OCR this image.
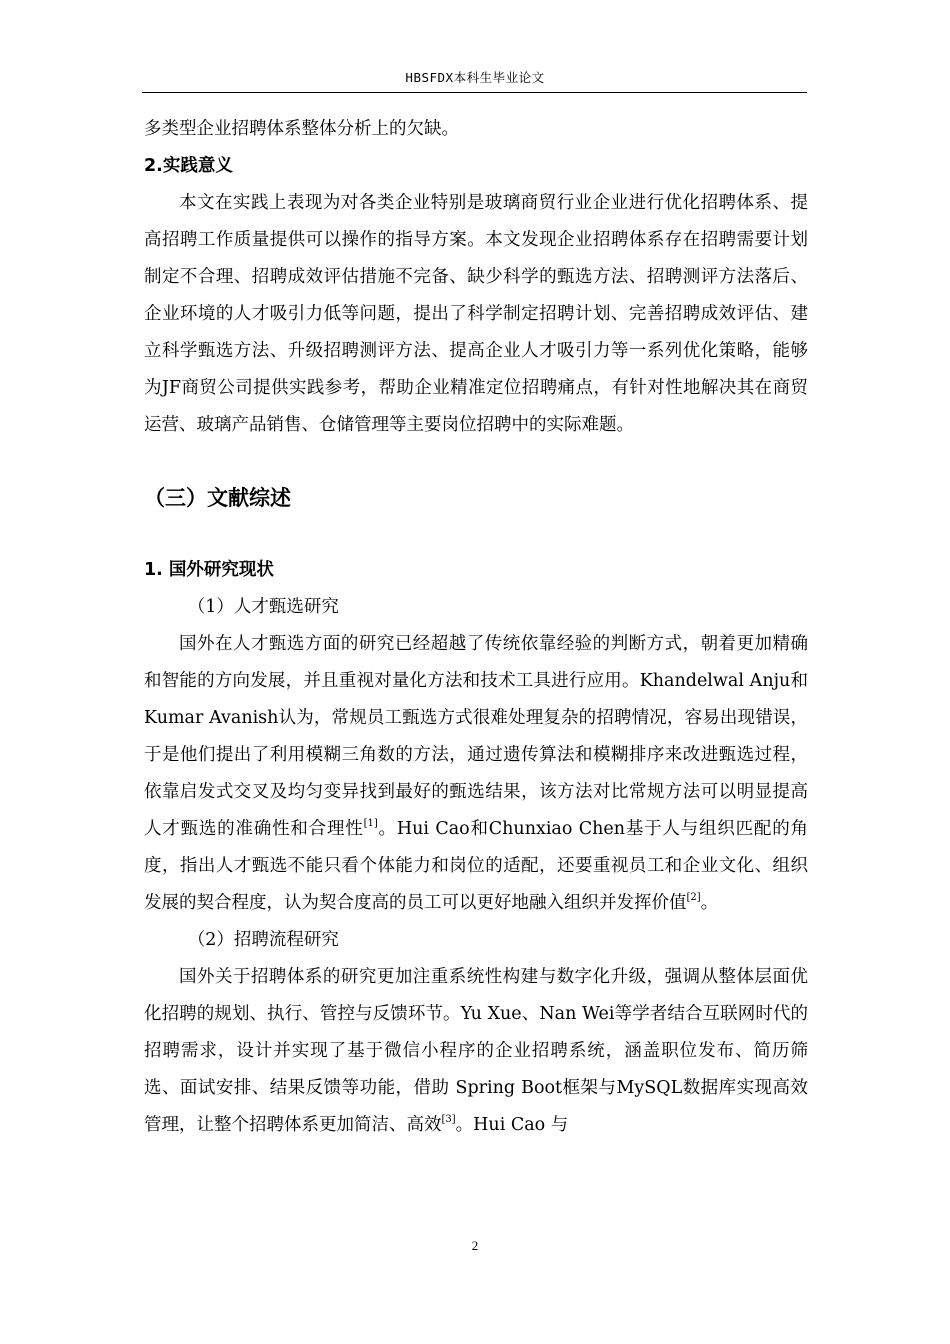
HBSFDX本科生毕业论文

多类型企业招聘体系整体分析上的欠缺。

2.实践意义

本文在实践上表现为对各类企业特别是玻璃商贸行业企业进行优化招聘体系、提高招聘工作质量提供可以操作的指导方案。本文发现企业招聘体系存在招聘需要计划制定不合理、招聘成效评估措施不完备、缺少科学的甄选方法、招聘测评方法落后、企业环境的人才吸引力低等问题，提出了科学制定招聘计划、完善招聘成效评估、建立科学甄选方法、升级招聘测评方法、提高企业人才吸引力等一系列优化策略，能够为JF商贸公司提供实践参考，帮助企业精准定位招聘痛点，有针对性地解决其在商贸运营、玻璃产品销售、仓储管理等主要岗位招聘中的实际难题。

（三）文献综述

1. 国外研究现状

（1）人才甄选研究

国外在人才甄选方面的研究已经超越了传统依靠经验的判断方式，朝着更加精确和智能的方向发展，并且重视对量化方法和技术工具进行应用。Khandelwal Anju和Kumar Avanish认为，常规员工甄选方式很难处理复杂的招聘情况，容易出现错误，于是他们提出了利用模糊三角数的方法，通过遗传算法和模糊排序来改进甄选过程，依靠启发式交叉及均匀变异找到最好的甄选结果，该方法对比常规方法可以明显提高人才甄选的准确性和合理性[1]。Hui Cao和Chunxiao Chen基于人与组织匹配的角度，指出人才甄选不能只看个体能力和岗位的适配，还要重视员工和企业文化、组织发展的契合程度，认为契合度高的员工可以更好地融入组织并发挥价值[2]。

（2）招聘流程研究

国外关于招聘体系的研究更加注重系统性构建与数字化升级，强调从整体层面优化招聘的规划、执行、管控与反馈环节。Yu Xue、Nan Wei等学者结合互联网时代的招聘需求，设计并实现了基于微信小程序的企业招聘系统，涵盖职位发布、简历筛选、面试安排、结果反馈等功能，借助 Spring Boot框架与MySQL数据库实现高效管理，让整个招聘体系更加简洁、高效[3]。Hui Cao 与

2
